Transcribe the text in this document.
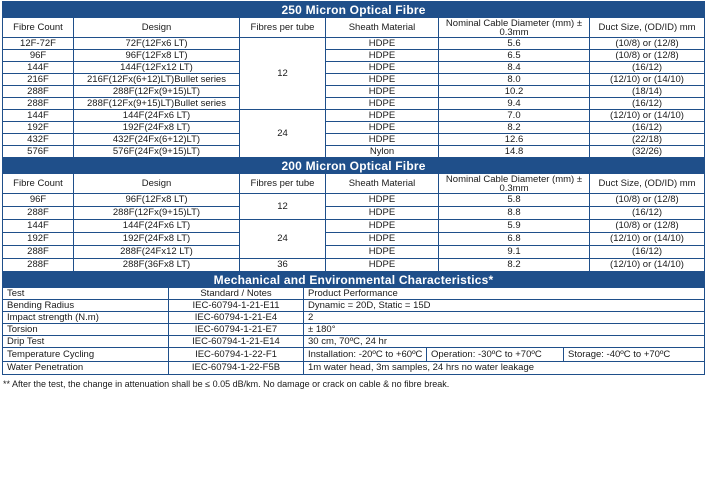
250 Micron Optical Fibre					
Fibre Count	Design	Fibres per tube	Sheath Material	Nominal Cable Diameter (mm) ± 0.3mm	Duct Size, (OD/ID) mm
12F-72F	72F(12Fx6 LT)	12	HDPE	5.6	(10/8) or (12/8)
96F	96F(12Fx8 LT)		HDPE	6.5	(10/8) or (12/8)
144F	144F(12Fx12 LT)		HDPE	8.4	(16/12)
216F	216F(12Fx(6+12)LT)Bullet series		HDPE	8.0	(12/10) or (14/10)
288F	288F(12Fx(9+15)LT)		HDPE	10.2	(18/14)
288F	288F(12Fx(9+15)LT)Bullet series		HDPE	9.4	(16/12)
144F	144F(24Fx6 LT)	24	HDPE	7.0	(12/10) or (14/10)
192F	192F(24Fx8 LT)		HDPE	8.2	(16/12)
432F	432F(24Fx(6+12)LT)		HDPE	12.6	(22/18)
576F	576F(24Fx(9+15)LT)		Nylon	14.8	(32/26)
200 Micron Optical Fibre					
Fibre Count	Design	Fibres per tube	Sheath Material	Nominal Cable Diameter (mm) ± 0.3mm	Duct Size, (OD/ID) mm
96F	96F(12Fx8 LT)	12	HDPE	5.8	(10/8) or (12/8)
288F	288F(12Fx(9+15)LT)		HDPE	8.8	(16/12)
144F	144F(24Fx6 LT)	24	HDPE	5.9	(10/8) or (12/8)
192F	192F(24Fx8 LT)		HDPE	6.8	(12/10) or (14/10)
288F	288F(24Fx12 LT)		HDPE	9.1	(16/12)
288F	288F(36Fx8 LT)	36	HDPE	8.2	(12/10) or (14/10)
Mechanical and Environmental Characteristics*					
Test	Standard / Notes	Product Performance
Bending Radius	IEC-60794-1-21-E11	Dynamic = 20D, Static = 15D
Impact strength (N.m)	IEC-60794-1-21-E4	2
Torsion	IEC-60794-1-21-E7	± 180°
Drip Test	IEC-60794-1-21-E14	30 cm, 70ºC, 24 hr
Temperature Cycling	IEC-60794-1-22-F1	Installation: -20ºC to +60ºC Operation: -30ºC to +70ºC Storage: -40ºC to +70ºC

Water Penetration	IEC-60794-1-22-F5B	1m water head, 3m samples, 24 hrs no water leakage
** After the test, the change in attenuation shall be ≤ 0.05 dB/km. No damage or crack on cable & no fibre break.
